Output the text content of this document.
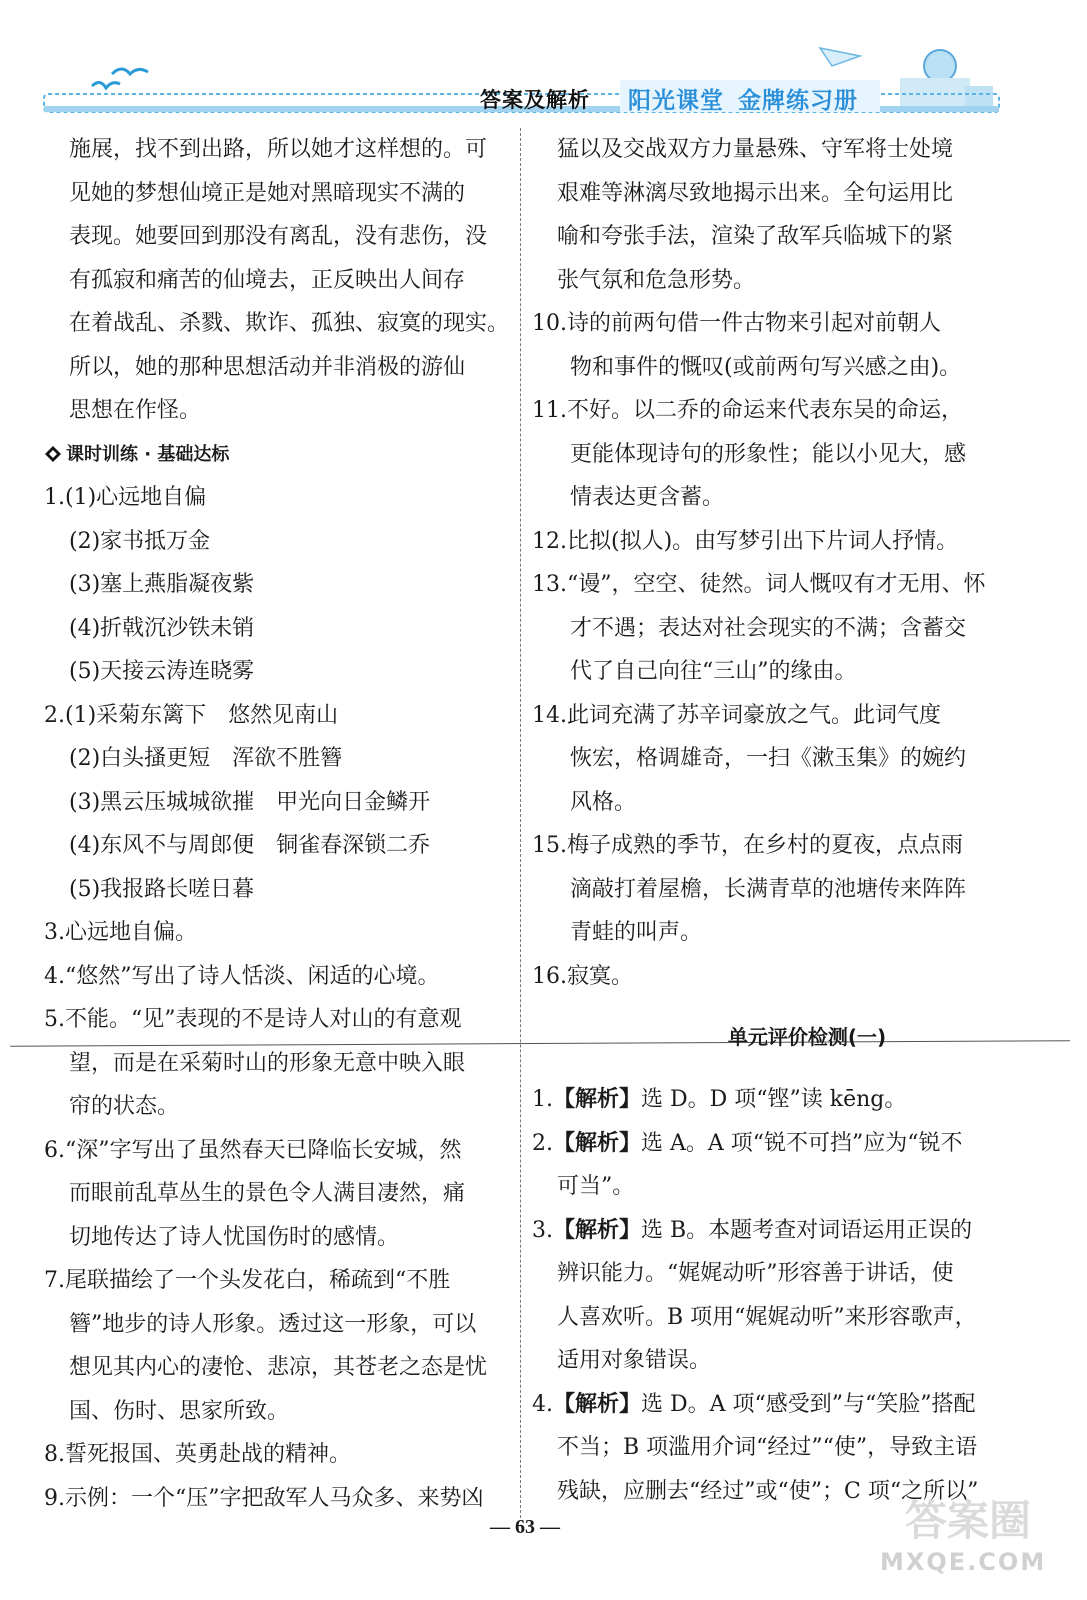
答案及解析 阳光课堂 金牌练习册
施展，找不到出路，所以她才这样想的。可
见她的梦想仙境正是她对黑暗现实不满的
表现。她要回到那没有离乱，没有悲伤，没
有孤寂和痛苦的仙境去，正反映出人间存
在着战乱、杀戮、欺诈、孤独、寂寞的现实。
所以，她的那种思想活动并非消极的游仙
思想在作怪。
课时训练 · 基础达标
1.(1)心远地自偏
(2)家书抵万金
(3)塞上燕脂凝夜紫
(4)折戟沉沙铁未销
(5)天接云涛连晓雾
2.(1)采菊东篱下　悠然见南山
(2)白头搔更短　浑欲不胜簪
(3)黑云压城城欲摧　甲光向日金鳞开
(4)东风不与周郎便　铜雀春深锁二乔
(5)我报路长嗟日暮
3.心远地自偏。
4.“悠然”写出了诗人恬淡、闲适的心境。
5.不能。“见”表现的不是诗人对山的有意观
望，而是在采菊时山的形象无意中映入眼
帘的状态。
6.“深”字写出了虽然春天已降临长安城，然
而眼前乱草丛生的景色令人满目凄然，痛
切地传达了诗人忧国伤时的感情。
7.尾联描绘了一个头发花白，稀疏到“不胜
簪”地步的诗人形象。透过这一形象，可以
想见其内心的凄怆、悲凉，其苍老之态是忧
国、伤时、思家所致。
8.誓死报国、英勇赴战的精神。
9.示例：一个“压”字把敌军人马众多、来势凶
猛以及交战双方力量悬殊、守军将士处境
艰难等淋漓尽致地揭示出来。全句运用比
喻和夸张手法，渲染了敌军兵临城下的紧
张气氛和危急形势。
10.诗的前两句借一件古物来引起对前朝人
物和事件的慨叹(或前两句写兴感之由)。
11.不好。以二乔的命运来代表东吴的命运，
更能体现诗句的形象性；能以小见大，感
情表达更含蓄。
12.比拟(拟人)。由写梦引出下片词人抒情。
13.“谩”，空空、徒然。词人慨叹有才无用、怀
才不遇；表达对社会现实的不满；含蓄交
代了自己向往“三山”的缘由。
14.此词充满了苏辛词豪放之气。此词气度
恢宏，格调雄奇，一扫《漱玉集》的婉约
风格。
15.梅子成熟的季节，在乡村的夏夜，点点雨
滴敲打着屋檐，长满青草的池塘传来阵阵
青蛙的叫声。
16.寂寞。
单元评价检测(一)
1.【解析】选 D。D 项“铿”读 kēng。
2.【解析】选 A。A 项“锐不可挡”应为“锐不
可当”。
3.【解析】选 B。本题考查对词语运用正误的
辨识能力。“娓娓动听”形容善于讲话，使
人喜欢听。B 项用“娓娓动听”来形容歌声，
适用对象错误。
4.【解析】选 D。A 项“感受到”与“笑脸”搭配
不当；B 项滥用介词“经过”“使”，导致主语
残缺，应删去“经过”或“使”；C 项“之所以”
— 63 —	答案圈
MXQE.COM
